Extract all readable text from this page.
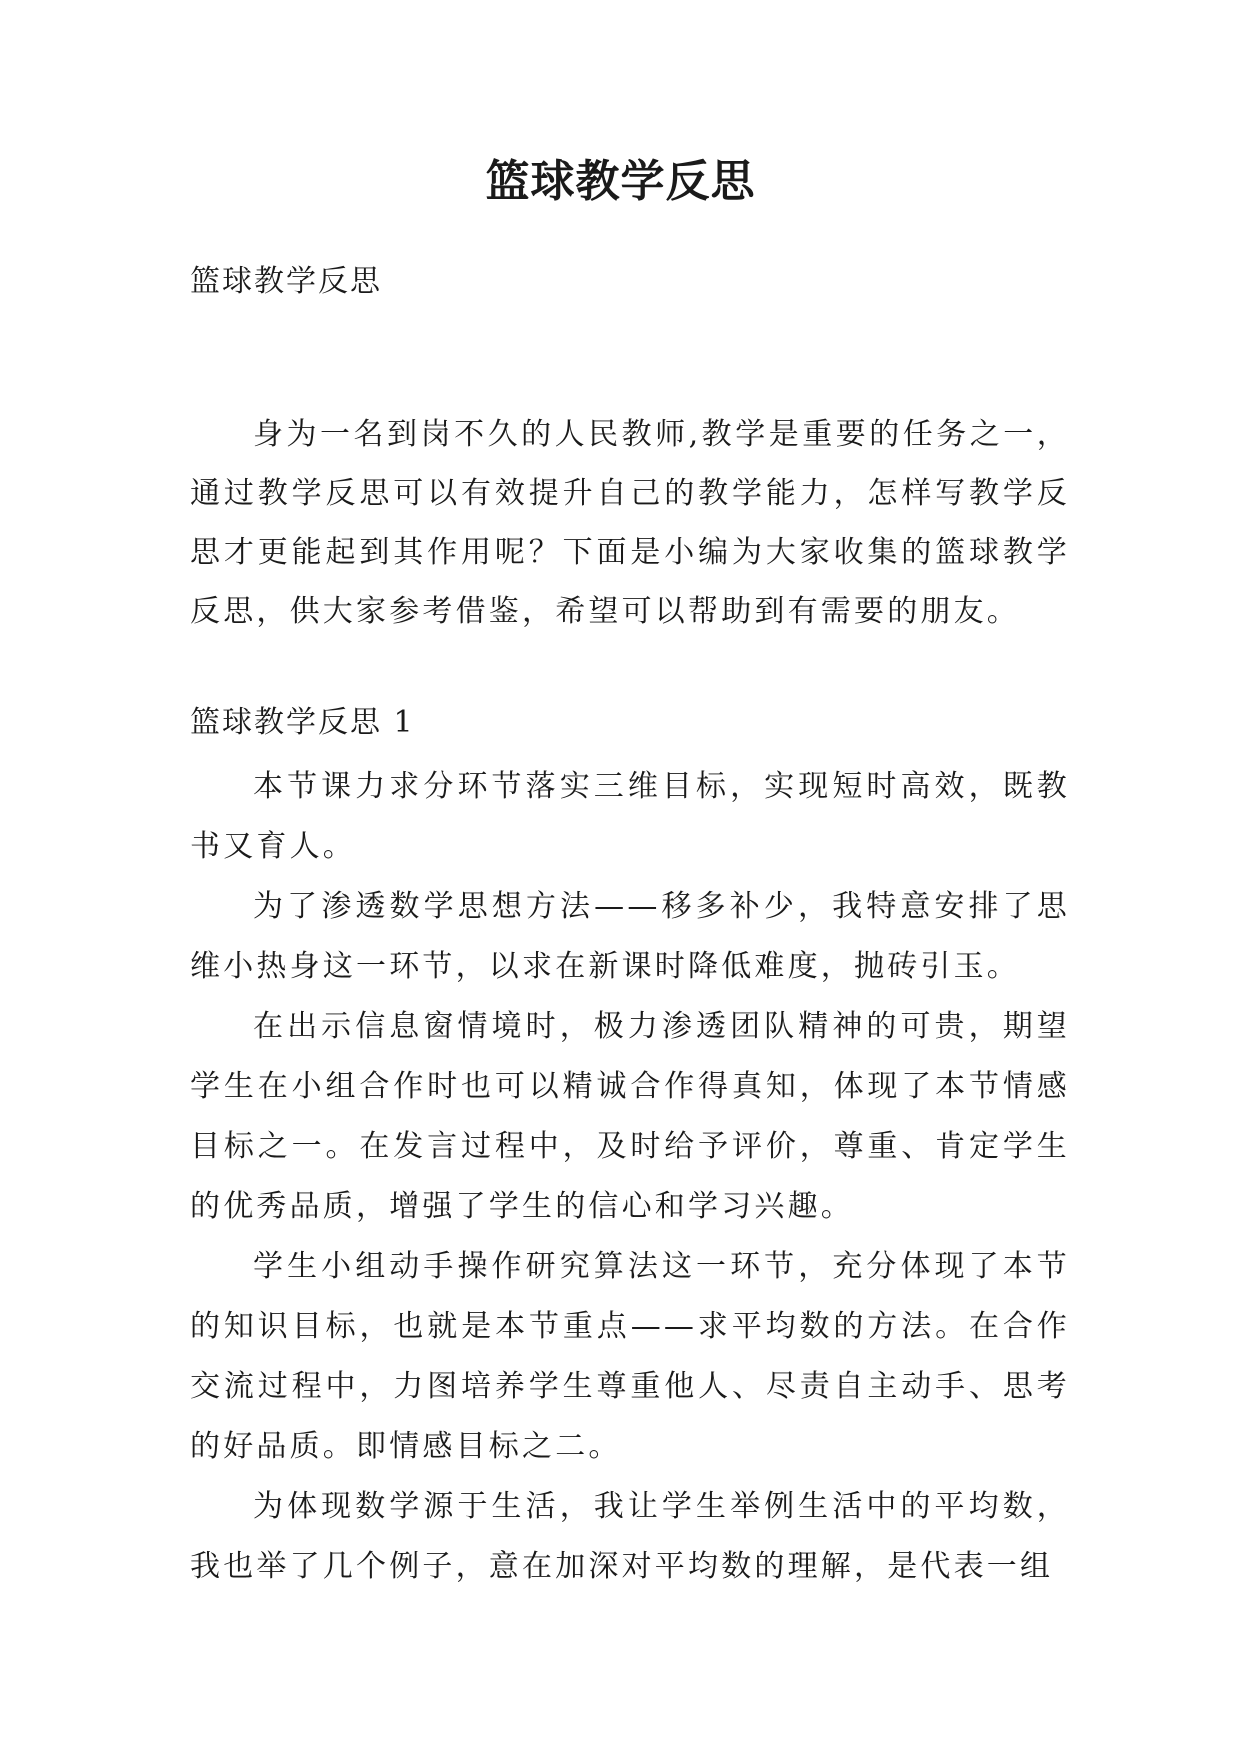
篮球教学反思

篮球教学反思

身为一名到岗不久的人民教师,教学是重要的任务之一，通过教学反思可以有效提升自己的教学能力，怎样写教学反思才更能起到其作用呢？下面是小编为大家收集的篮球教学反思，供大家参考借鉴，希望可以帮助到有需要的朋友。

篮球教学反思 1

本节课力求分环节落实三维目标，实现短时高效，既教书又育人。

为了渗透数学思想方法——移多补少，我特意安排了思维小热身这一环节，以求在新课时降低难度，抛砖引玉。

在出示信息窗情境时，极力渗透团队精神的可贵，期望学生在小组合作时也可以精诚合作得真知，体现了本节情感目标之一。在发言过程中，及时给予评价，尊重、肯定学生的优秀品质，增强了学生的信心和学习兴趣。

学生小组动手操作研究算法这一环节，充分体现了本节的知识目标，也就是本节重点——求平均数的方法。在合作交流过程中，力图培养学生尊重他人、尽责自主动手、思考的好品质。即情感目标之二。

为体现数学源于生活，我让学生举例生活中的平均数，我也举了几个例子，意在加深对平均数的理解，是代表一组
